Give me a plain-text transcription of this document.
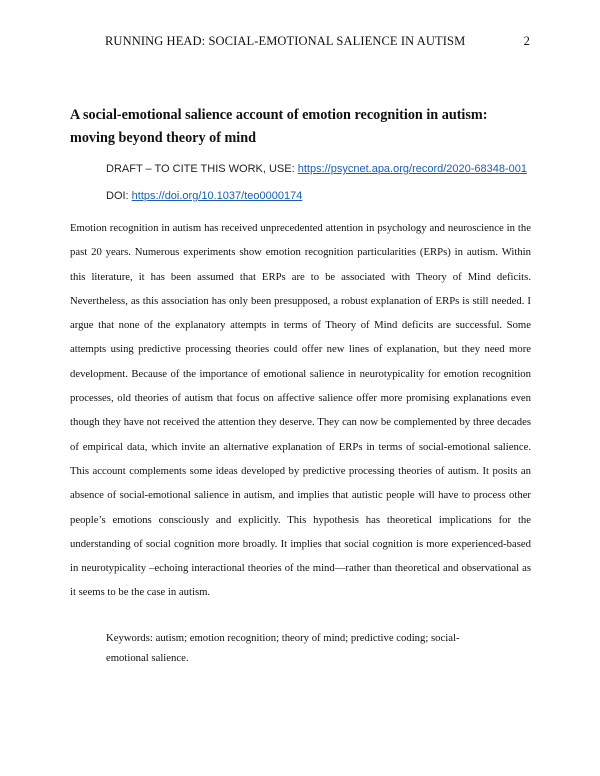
RUNNING HEAD: SOCIAL-EMOTIONAL SALIENCE IN AUTISM	2
A social-emotional salience account of emotion recognition in autism: moving beyond theory of mind
DRAFT – TO CITE THIS WORK, USE: https://psycnet.apa.org/record/2020-68348-001
DOI: https://doi.org/10.1037/teo0000174

Emotion recognition in autism has received unprecedented attention in psychology and neuroscience in the past 20 years. Numerous experiments show emotion recognition particularities (ERPs) in autism. Within this literature, it has been assumed that ERPs are to be associated with Theory of Mind deficits. Nevertheless, as this association has only been presupposed, a robust explanation of ERPs is still needed. I argue that none of the explanatory attempts in terms of Theory of Mind deficits are successful. Some attempts using predictive processing theories could offer new lines of explanation, but they need more development. Because of the importance of emotional salience in neurotypicality for emotion recognition processes, old theories of autism that focus on affective salience offer more promising explanations even though they have not received the attention they deserve. They can now be complemented by three decades of empirical data, which invite an alternative explanation of ERPs in terms of social-emotional salience. This account complements some ideas developed by predictive processing theories of autism. It posits an absence of social-emotional salience in autism, and implies that autistic people will have to process other people’s emotions consciously and explicitly. This hypothesis has theoretical implications for the understanding of social cognition more broadly. It implies that social cognition is more experienced-based in neurotypicality –echoing interactional theories of the mind—rather than theoretical and observational as it seems to be the case in autism.

Keywords: autism; emotion recognition; theory of mind; predictive coding; social-emotional salience.
